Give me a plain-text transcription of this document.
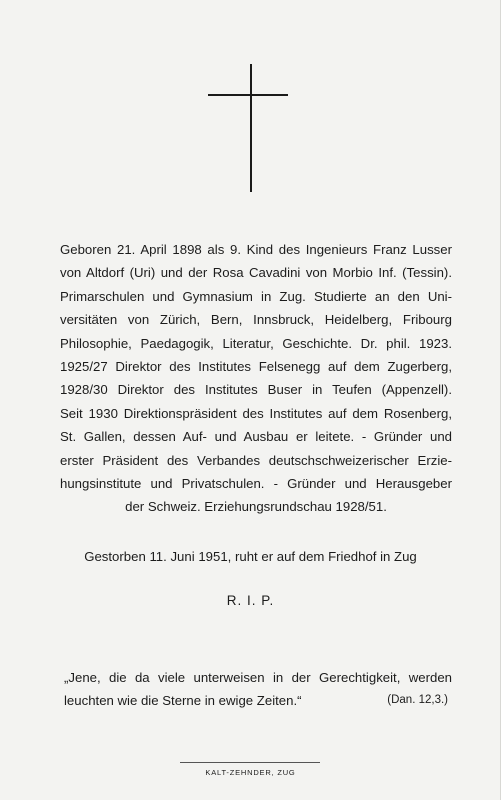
Geboren 21. April 1898 als 9. Kind des Ingenieurs Franz Lusser
von Altdorf (Uri) und der Rosa Cavadini von Morbio Inf. (Tessin).
Primarschulen und Gymnasium in Zug. Studierte an den Uni-
versitäten von Zürich, Bern, Innsbruck, Heidelberg, Fribourg
Philosophie, Paedagogik, Literatur, Geschichte. Dr. phil. 1923.
1925/27 Direktor des Institutes Felsenegg auf dem Zugerberg,
1928/30 Direktor des Institutes Buser in Teufen (Appenzell).
Seit 1930 Direktionspräsident des Institutes auf dem Rosenberg,
St. Gallen, dessen Auf- und Ausbau er leitete. - Gründer und
erster Präsident des Verbandes deutschschweizerischer Erzie-
hungsinstitute und Privatschulen. - Gründer und Herausgeber
der Schweiz. Erziehungsrundschau 1928/51.

Gestorben 11. Juni 1951, ruht er auf dem Friedhof in Zug

R. I. P.

„Jene, die da viele unterweisen in der Gerechtigkeit, werden
leuchten wie die Sterne in ewige Zeiten.“	(Dan. 12,3.)

KALT-ZEHNDER, ZUG
